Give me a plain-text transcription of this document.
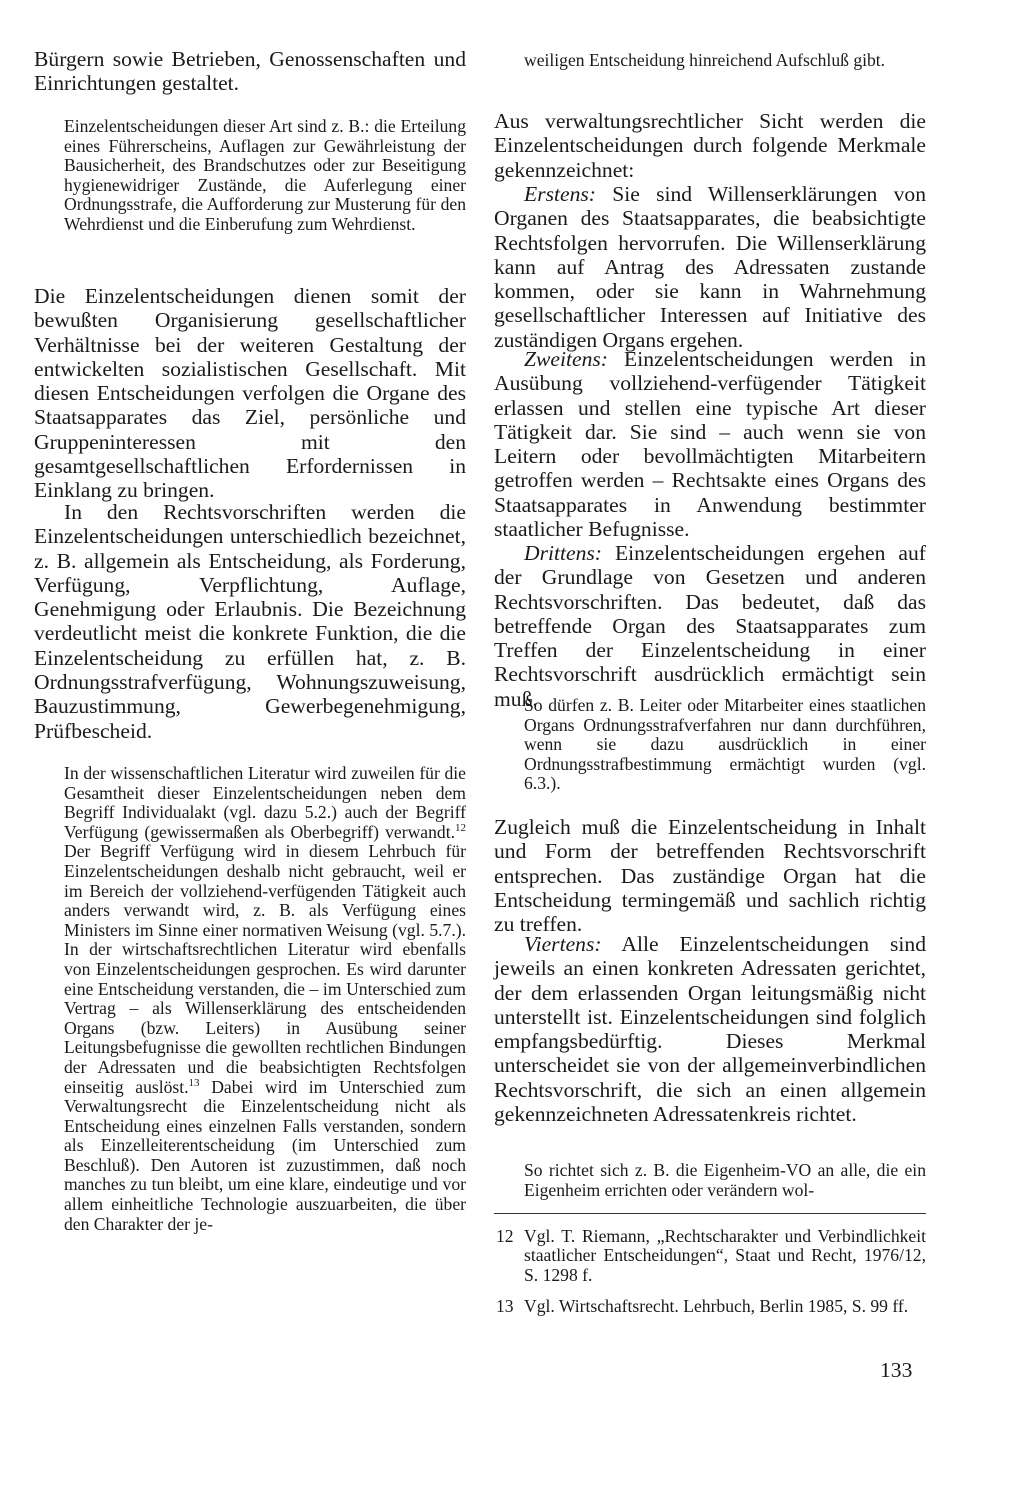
Bürgern sowie Betrieben, Genossenschaften und Einrichtungen gestaltet.

Einzelentscheidungen dieser Art sind z. B.: die Erteilung eines Führerscheins, Auflagen zur Gewährleistung der Bausicherheit, des Brandschutzes oder zur Beseitigung hygienewidriger Zustände, die Auferlegung einer Ordnungsstrafe, die Aufforderung zur Musterung für den Wehrdienst und die Einberufung zum Wehrdienst.

Die Einzelentscheidungen dienen somit der bewußten Organisierung gesellschaftlicher Verhältnisse bei der weiteren Gestaltung der entwickelten sozialistischen Gesellschaft. Mit diesen Entscheidungen verfolgen die Organe des Staatsapparates das Ziel, persönliche und Gruppeninteressen mit den gesamtgesellschaftlichen Erfordernissen in Einklang zu bringen.

In den Rechtsvorschriften werden die Einzelentscheidungen unterschiedlich bezeichnet, z. B. allgemein als Entscheidung, als Forderung, Verfügung, Verpflichtung, Auflage, Genehmigung oder Erlaubnis. Die Bezeichnung verdeutlicht meist die konkrete Funktion, die die Einzelentscheidung zu erfüllen hat, z. B. Ordnungsstrafverfügung, Wohnungszuweisung, Bauzustimmung, Gewerbegenehmigung, Prüfbescheid.

In der wissenschaftlichen Literatur wird zuweilen für die Gesamtheit dieser Einzelentscheidungen neben dem Begriff Individualakt (vgl. dazu 5.2.) auch der Begriff Verfügung (gewissermaßen als Oberbegriff) verwandt.$^{12}$ Der Begriff Verfügung wird in diesem Lehrbuch für Einzelentscheidungen deshalb nicht gebraucht, weil er im Bereich der vollziehend-verfügenden Tätigkeit auch anders verwandt wird, z. B. als Verfügung eines Ministers im Sinne einer normativen Weisung (vgl. 5.7.). In der wirtschaftsrechtlichen Literatur wird ebenfalls von Einzelentscheidungen gesprochen. Es wird darunter eine Entscheidung verstanden, die – im Unterschied zum Vertrag – als Willenserklärung des entscheidenden Organs (bzw. Leiters) in Ausübung seiner Leitungsbefugnisse die gewollten rechtlichen Bindungen der Adressaten und die beabsichtigten Rechtsfolgen einseitig auslöst.$^{13}$ Dabei wird im Unterschied zum Verwaltungsrecht die Einzelentscheidung nicht als Entscheidung eines einzelnen Falls verstanden, sondern als Einzelleiterentscheidung (im Unterschied zum Beschluß). Den Autoren ist zuzustimmen, daß noch manches zu tun bleibt, um eine klare, eindeutige und vor allem einheitliche Technologie auszuarbeiten, die über den Charakter der je-

weiligen Entscheidung hinreichend Aufschluß gibt.

Aus verwaltungsrechtlicher Sicht werden die Einzelentscheidungen durch folgende Merkmale gekennzeichnet:

Erstens: Sie sind Willenserklärungen von Organen des Staatsapparates, die beabsichtigte Rechtsfolgen hervorrufen. Die Willenserklärung kann auf Antrag des Adressaten zustande kommen, oder sie kann in Wahrnehmung gesellschaftlicher Interessen auf Initiative des zuständigen Organs ergehen.

Zweitens: Einzelentscheidungen werden in Ausübung vollziehend-verfügender Tätigkeit erlassen und stellen eine typische Art dieser Tätigkeit dar. Sie sind – auch wenn sie von Leitern oder bevollmächtigten Mitarbeitern getroffen werden – Rechtsakte eines Organs des Staatsapparates in Anwendung bestimmter staatlicher Befugnisse.

Drittens: Einzelentscheidungen ergehen auf der Grundlage von Gesetzen und anderen Rechtsvorschriften. Das bedeutet, daß das betreffende Organ des Staatsapparates zum Treffen der Einzelentscheidung in einer Rechtsvorschrift ausdrücklich ermächtigt sein muß.

So dürfen z. B. Leiter oder Mitarbeiter eines staatlichen Organs Ordnungsstrafverfahren nur dann durchführen, wenn sie dazu ausdrücklich in einer Ordnungsstrafbestimmung ermächtigt wurden (vgl. 6.3.).

Zugleich muß die Einzelentscheidung in Inhalt und Form der betreffenden Rechtsvorschrift entsprechen. Das zuständige Organ hat die Entscheidung termingemäß und sachlich richtig zu treffen.

Viertens: Alle Einzelentscheidungen sind jeweils an einen konkreten Adressaten gerichtet, der dem erlassenden Organ leitungsmäßig nicht unterstellt ist. Einzelentscheidungen sind folglich empfangsbedürftig. Dieses Merkmal unterscheidet sie von der allgemeinverbindlichen Rechtsvorschrift, die sich an einen allgemein gekennzeichneten Adressatenkreis richtet.

So richtet sich z. B. die Eigenheim-VO an alle, die ein Eigenheim errichten oder verändern wol-

12 Vgl. T. Riemann, „Rechtscharakter und Verbindlichkeit staatlicher Entscheidungen“, Staat und Recht, 1976/12, S. 1298 f.
13 Vgl. Wirtschaftsrecht. Lehrbuch, Berlin 1985, S. 99 ff.
133
